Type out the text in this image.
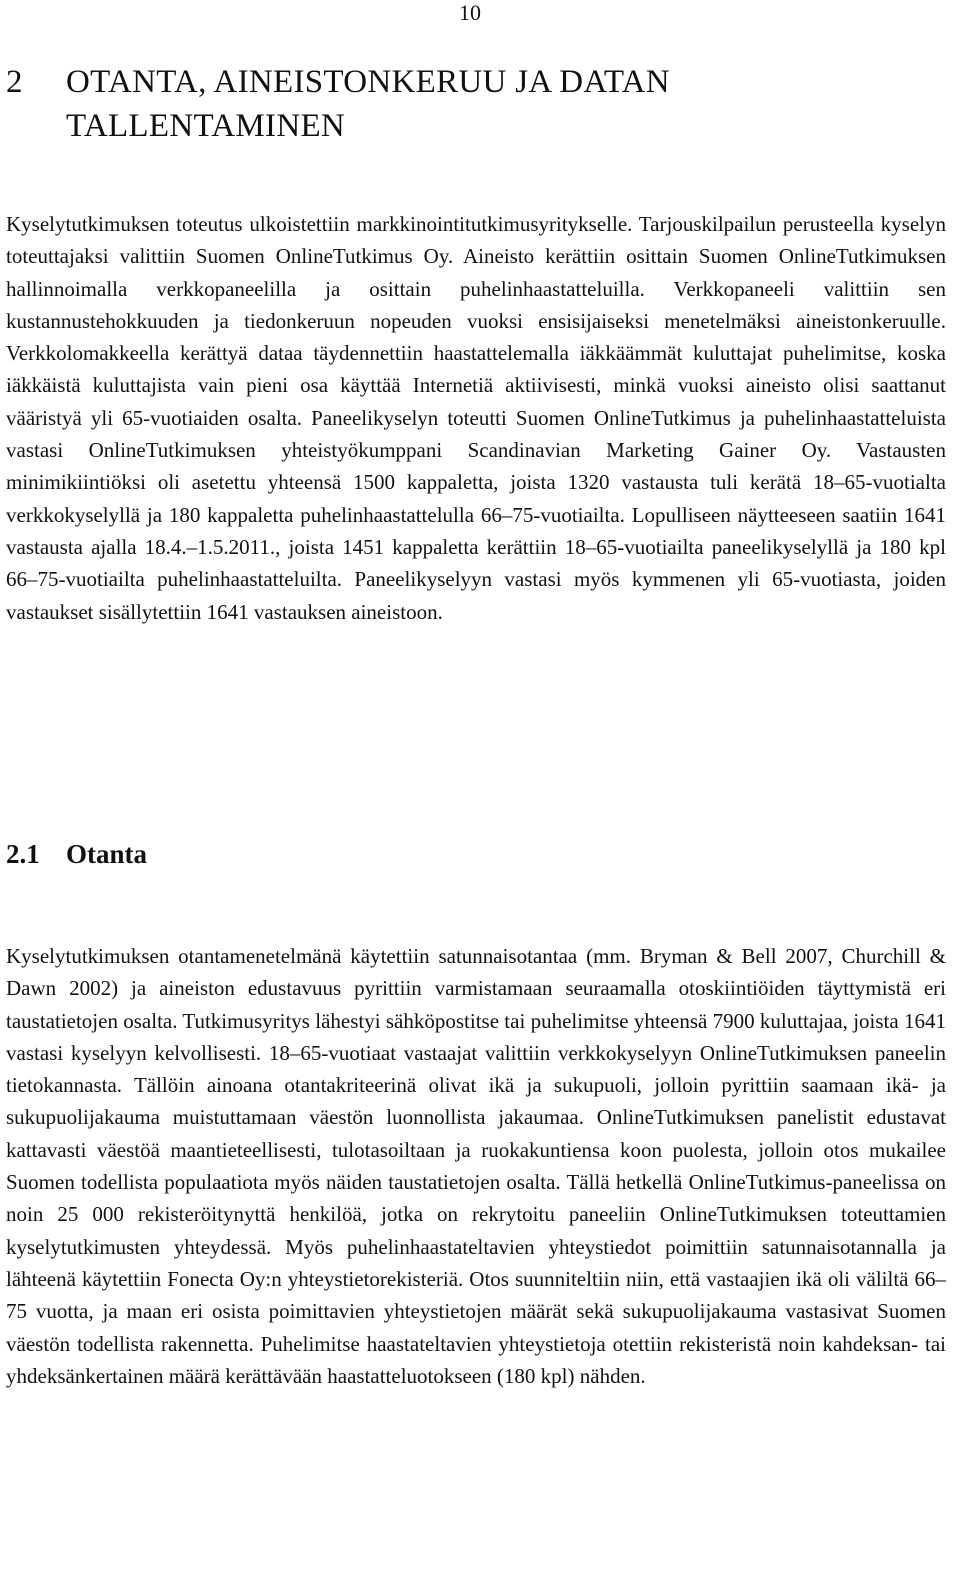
10
2 OTANTA, AINEISTONKERUU JA DATAN TALLENTAMINEN

Kyselytutkimuksen toteutus ulkoistettiin markkinointitutkimusyritykselle. Tarjouskilpailun perusteella kyselyn toteuttajaksi valittiin Suomen OnlineTutkimus Oy. Aineisto kerättiin osittain Suomen OnlineTutkimuksen hallinnoimalla verkkopaneelilla ja osittain puhelinhaastatteluilla. Verkkopaneeli valittiin sen kustannustehokkuuden ja tiedonkeruun nopeuden vuoksi ensisijaiseksi menetelmäksi aineistonkeruulle. Verkkolomakkeella kerättyä dataa täydennettiin haastattelemalla iäkkäämmät kuluttajat puhelimitse, koska iäkkäistä kuluttajista vain pieni osa käyttää Internetiä aktiivisesti, minkä vuoksi aineisto olisi saattanut vääristyä yli 65-vuotiaiden osalta. Paneelikyselyn toteutti Suomen OnlineTutkimus ja puhelinhaastatteluista vastasi OnlineTutkimuksen yhteistyökumppani Scandinavian Marketing Gainer Oy. Vastausten minimikiintiöksi oli asetettu yhteensä 1500 kappaletta, joista 1320 vastausta tuli kerätä 18–65-vuotialta verkkokyselyllä ja 180 kappaletta puhelinhaastattelulla 66–75-vuotiailta. Lopulliseen näytteeseen saatiin 1641 vastausta ajalla 18.4.–1.5.2011., joista 1451 kappaletta kerättiin 18–65-vuotiailta paneelikyselyllä ja 180 kpl 66–75-vuotiailta puhelinhaastatteluilta. Paneelikyselyyn vastasi myös kymmenen yli 65-vuotiasta, joiden vastaukset sisällytettiin 1641 vastauksen aineistoon.

2.1 Otanta

Kyselytutkimuksen otantamenetelmänä käytettiin satunnaisotantaa (mm. Bryman & Bell 2007, Churchill & Dawn 2002) ja aineiston edustavuus pyrittiin varmistamaan seuraamalla otoskiintiöiden täyttymistä eri taustatietojen osalta. Tutkimusyritys lähestyi sähköpostitse tai puhelimitse yhteensä 7900 kuluttajaa, joista 1641 vastasi kyselyyn kelvollisesti. 18–65-vuotiaat vastaajat valittiin verkkokyselyyn OnlineTutkimuksen paneelin tietokannasta. Tällöin ainoana otantakriteerinä olivat ikä ja sukupuoli, jolloin pyrittiin saamaan ikä- ja sukupuolijakauma muistuttamaan väestön luonnollista jakaumaa. OnlineTutkimuksen panelistit edustavat kattavasti väestöä maantieteellisesti, tulotasoiltaan ja ruokakuntiensa koon puolesta, jolloin otos mukailee Suomen todellista populaatiota myös näiden taustatietojen osalta. Tällä hetkellä OnlineTutkimus-paneelissa on noin 25 000 rekisteröitynyttä henkilöä, jotka on rekrytoitu paneeliin OnlineTutkimuksen toteuttamien kyselytutkimusten yhteydessä. Myös puhelinhaastateltavien yhteystiedot poimittiin satunnaisotannalla ja lähteenä käytettiin Fonecta Oy:n yhteystietorekisteriä. Otos suunniteltiin niin, että vastaajien ikä oli väliltä 66–75 vuotta, ja maan eri osista poimittavien yhteystietojen määrät sekä sukupuolijakauma vastasivat Suomen väestön todellista rakennetta. Puhelimitse haastateltavien yhteystietoja otettiin rekisteristä noin kahdeksan- tai yhdeksänkertainen määrä kerättävään haastatteluotokseen (180 kpl) nähden.
